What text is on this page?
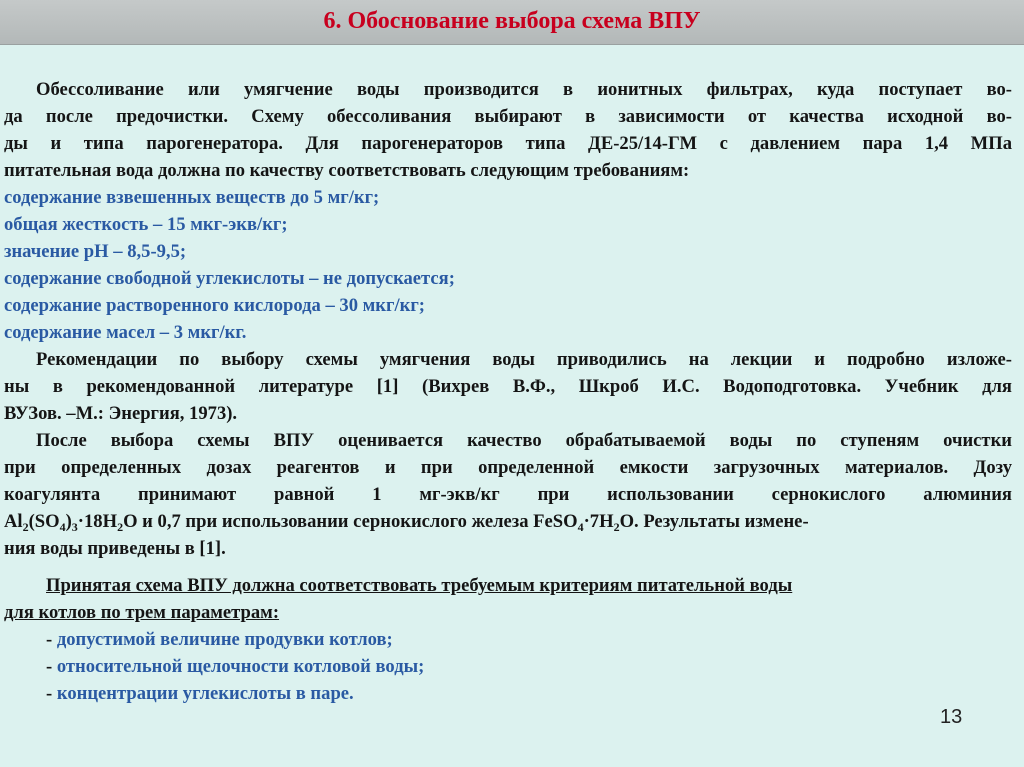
6. Обоснование выбора схема ВПУ
Обессоливание или умягчение воды производится в ионитных фильтрах, куда поступает во-
да после предочистки. Схему обессоливания выбирают в зависимости от качества исходной во-
ды и типа парогенератора. Для парогенераторов типа ДЕ-25/14-ГМ с давлением пара 1,4 МПа
питательная вода должна по качеству соответствовать следующим требованиям:
содержание взвешенных веществ до 5 мг/кг;
общая жесткость – 15 мкг-экв/кг;
значение pH – 8,5-9,5;
содержание свободной углекислоты – не допускается;
содержание растворенного кислорода – 30 мкг/кг;
содержание масел – 3 мкг/кг.
Рекомендации по выбору схемы умягчения воды приводились на лекции и подробно изложе-
ны в рекомендованной литературе [1] (Вихрев В.Ф., Шкроб И.С. Водоподготовка. Учебник для
ВУЗов. –М.: Энергия, 1973).
После выбора схемы ВПУ оценивается качество обрабатываемой воды по ступеням очистки
при определенных дозах реагентов и при определенной емкости загрузочных материалов. Дозу
коагулянта принимают равной 1 мг-экв/кг при использовании сернокислого алюминия
$Al_2(SO_4)_3\cdot 18H_2O$ и 0,7 при использовании сернокислого железа $FeSO_4\cdot 7H_2O$. Результаты измене-
ния воды приведены в [1].
Принятая схема ВПУ должна соответствовать требуемым критериям питательной воды
для котлов по трем параметрам:
- допустимой величине продувки котлов;
- относительной щелочности котловой воды;
- концентрации углекислоты в паре.
13
